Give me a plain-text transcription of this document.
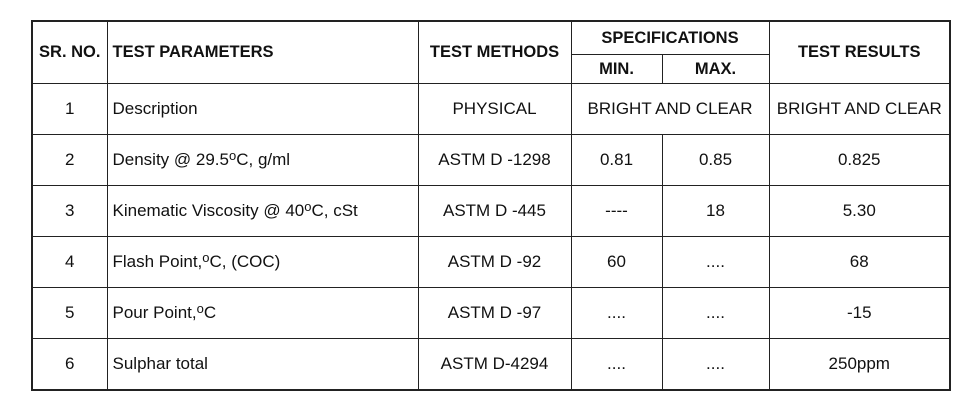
SR. NO.	TEST PARAMETERS	TEST METHODS	SPECIFICATIONS		TEST RESULTS
			MIN.	MAX.	
1	Description	PHYSICAL	BRIGHT AND CLEAR		BRIGHT AND CLEAR
2	Density @ 29.5$^o$C, g/ml	ASTM D -1298	0.81	0.85	0.825
3	Kinematic Viscosity @ 40$^o$C, cSt	ASTM D -445	----	18	5.30
4	Flash Point,$^o$C, (COC)	ASTM D -92	60	....	68
5	Pour Point,$^o$C	ASTM D -97	....	....	-15
6	Sulphar total	ASTM D-4294	....	....	250ppm
